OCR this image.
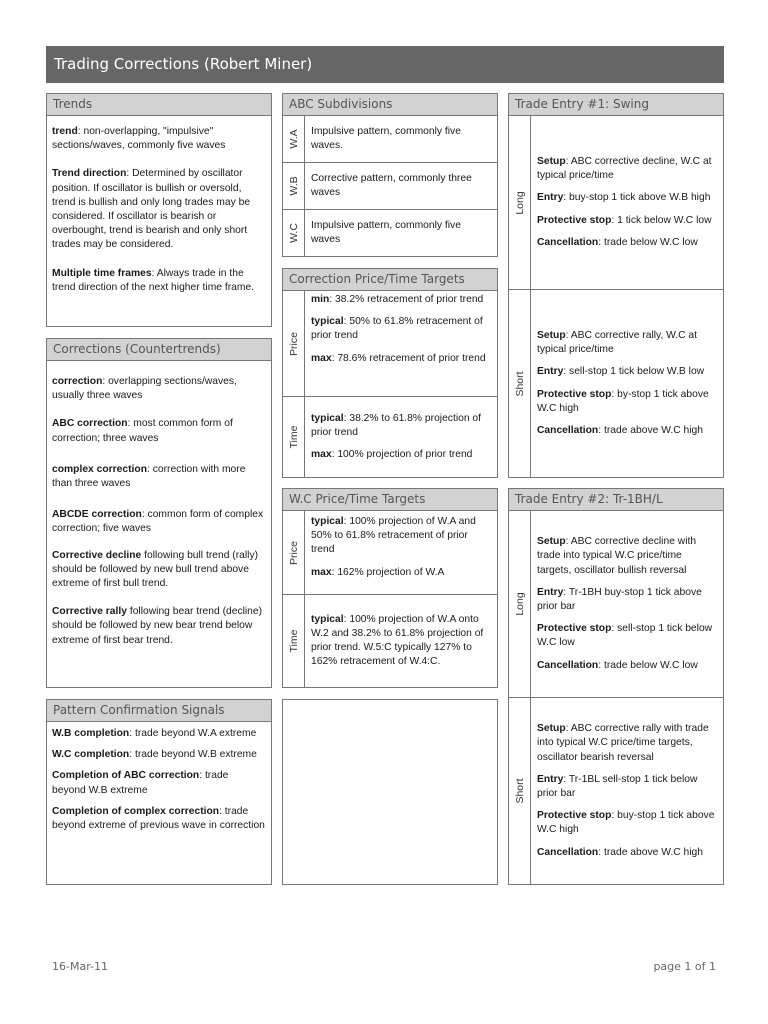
Trading Corrections (Robert Miner)
Trends

trend: non-overlapping, "impulsive" sections/waves, commonly five waves

Trend direction: Determined by oscillator position. If oscillator is bullish or oversold, trend is bullish and only long trades may be considered. If oscillator is bearish or overbought, trend is bearish and only short trades may be considered.

Multiple time frames: Always trade in the trend direction of the next higher time frame.

Corrections (Countertrends)

correction: overlapping sections/waves, usually three waves

ABC correction: most common form of correction; three waves

complex correction: correction with more than three waves

ABCDE correction: common form of complex correction; five waves

Corrective decline following bull trend (rally) should be followed by new bull trend above extreme of first bull trend.

Corrective rally following bear trend (decline) should be followed by new bear trend below extreme of first bear trend.

Pattern Confirmation Signals

W.B completion: trade beyond W.A extreme

W.C completion: trade beyond W.B extreme

Completion of ABC correction: trade beyond W.B extreme

Completion of complex correction: trade beyond extreme of previous wave in correction

ABC Subdivisions
W.A Impulsive pattern, commonly five waves.

W.B Corrective pattern, commonly three waves

W.C Impulsive pattern, commonly five waves

Correction Price/Time Targets
Price

min: 38.2% retracement of prior trend

typical: 50% to 61.8% retracement of prior trend

max: 78.6% retracement of prior trend

Time

typical: 38.2% to 61.8% projection of prior trend

max: 100% projection of prior trend

W.C Price/Time Targets
Price

typical: 100% projection of W.A and 50% to 61.8% retracement of prior trend

max: 162% projection of W.A

Time

typical: 100% projection of W.A onto W.2 and 38.2% to 61.8% projection of prior trend. W.5:C typically 127% to 162% retracement of W.4:C.

Trade Entry #1: Swing
Long

Setup: ABC corrective decline, W.C at typical price/time

Entry: buy-stop 1 tick above W.B high

Protective stop: 1 tick below W.C low

Cancellation: trade below W.C low

Short

Setup: ABC corrective rally, W.C at typical price/time

Entry: sell-stop 1 tick below W.B low

Protective stop: by-stop 1 tick above W.C high

Cancellation: trade above W.C high

Trade Entry #2: Tr-1BH/L
Long

Setup: ABC corrective decline with trade into typical W.C price/time targets, oscillator bullish reversal

Entry: Tr-1BH buy-stop 1 tick above prior bar

Protective stop: sell-stop 1 tick below W.C low

Cancellation: trade below W.C low

Short

Setup: ABC corrective rally with trade into typical W.C price/time targets, oscillator bearish reversal

Entry: Tr-1BL sell-stop 1 tick below prior bar

Protective stop: buy-stop 1 tick above W.C high

Cancellation: trade above W.C high

16-Mar-11	page 1 of 1
